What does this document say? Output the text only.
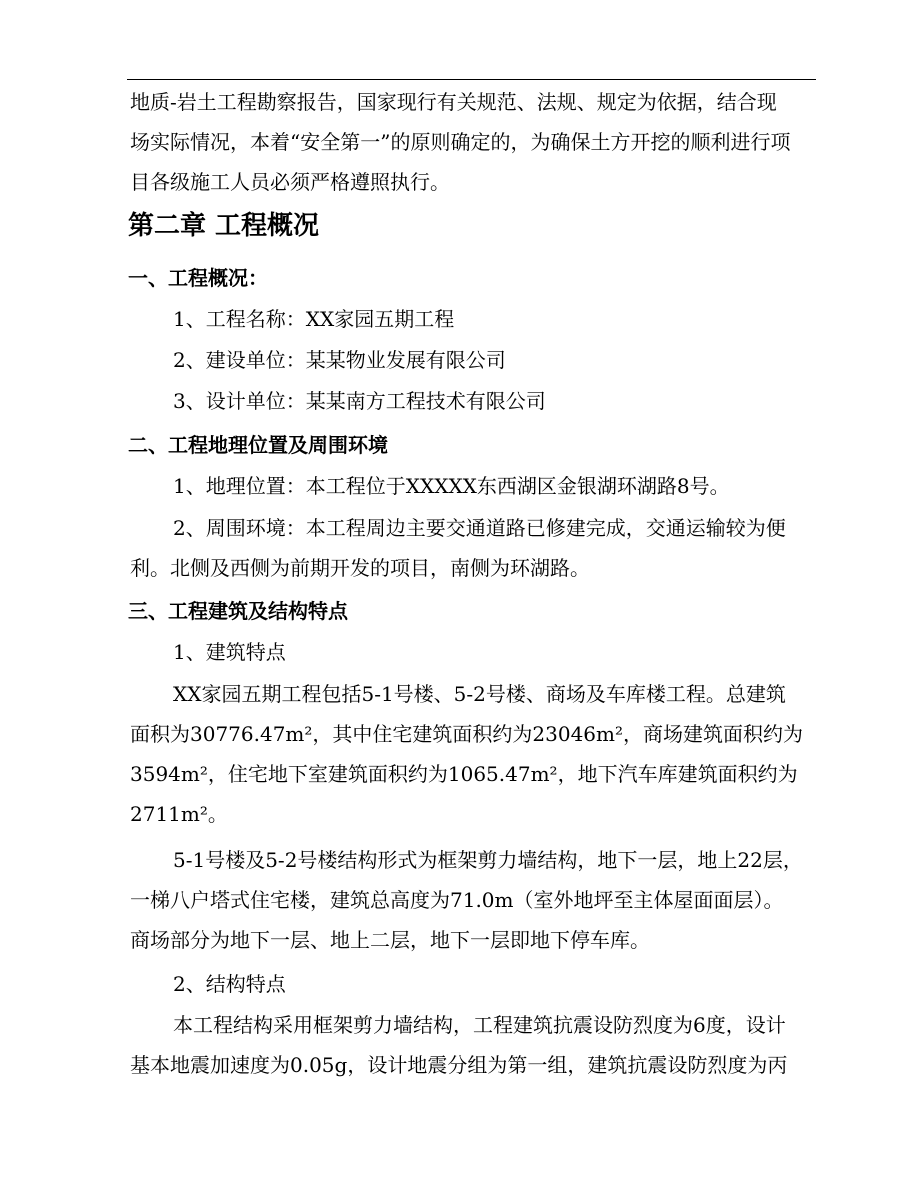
地质-岩土工程勘察报告，国家现行有关规范、法规、规定为依据，结合现
场实际情况，本着“安全第一”的原则确定的，为确保土方开挖的顺利进行项
目各级施工人员必须严格遵照执行。

第二章 工程概况
一、工程概况：

1、工程名称：XX家园五期工程

2、建设单位：某某物业发展有限公司

3、设计单位：某某南方工程技术有限公司

二、工程地理位置及周围环境

1、地理位置：本工程位于XXXXX东西湖区金银湖环湖路8号。

2、周围环境：本工程周边主要交通道路已修建完成，交通运输较为便
利。北侧及西侧为前期开发的项目，南侧为环湖路。

三、工程建筑及结构特点

1、建筑特点

XX家园五期工程包括5-1号楼、5-2号楼、商场及车库楼工程。总建筑
面积为30776.47m²，其中住宅建筑面积约为23046m²，商场建筑面积约为
3594m²，住宅地下室建筑面积约为1065.47m²，地下汽车库建筑面积约为
2711m²。

5-1号楼及5-2号楼结构形式为框架剪力墙结构，地下一层，地上22层，
一梯八户塔式住宅楼，建筑总高度为71.0m（室外地坪至主体屋面面层）。
商场部分为地下一层、地上二层，地下一层即地下停车库。

2、结构特点

本工程结构采用框架剪力墙结构，工程建筑抗震设防烈度为6度，设计
基本地震加速度为0.05g，设计地震分组为第一组，建筑抗震设防烈度为丙
